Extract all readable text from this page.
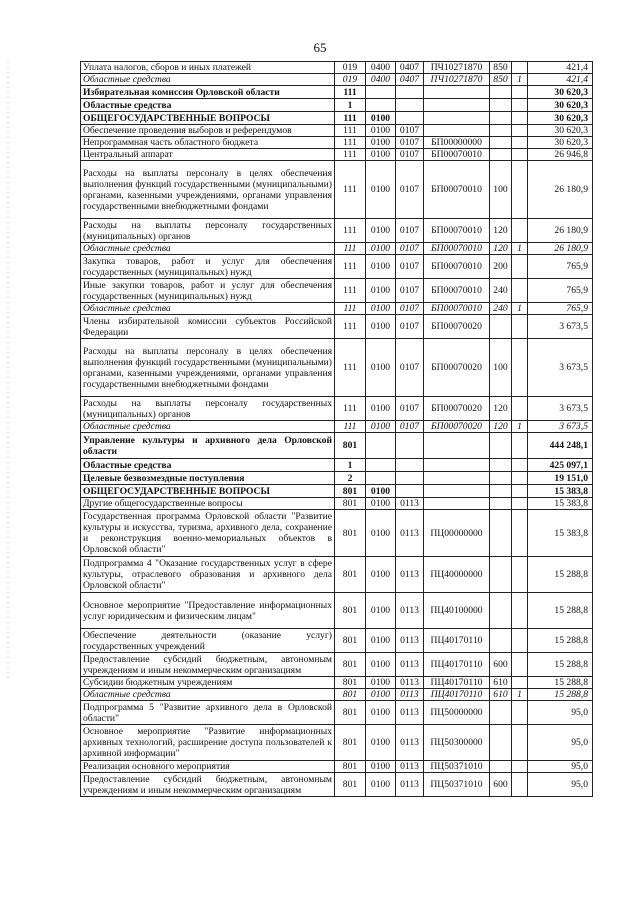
65
Уплата налогов, сборов и иных платежей	019	0400	0407	ПЧ10271870	850		421,4
Областные средства	019	0400	0407	ПЧ10271870	850	1	421,4
Избирательная комиссия Орловской области	111						30 620,3
Областные средства	1						30 620,3
ОБЩЕГОСУДАРСТВЕННЫЕ ВОПРОСЫ	111	0100					30 620,3
Обеспечение проведения выборов и референдумов	111	0100	0107				30 620,3
Непрограммная часть областного бюджета	111	0100	0107	БП00000000			30 620,3
Центральный аппарат	111	0100	0107	БП00070010			26 946,8
Расходы на выплаты персоналу в целях обеспечения выполнения функций государственными (муниципальными) органами, казенными учреждениями, органами управления государственными внебюджетными фондами	111	0100	0107	БП00070010	100		26 180,9
Расходы на выплаты персоналу государственных (муниципальных) органов	111	0100	0107	БП00070010	120		26 180,9
Областные средства	111	0100	0107	БП00070010	120	1	26 180,9
Закупка товаров, работ и услуг для обеспечения государственных (муниципальных) нужд	111	0100	0107	БП00070010	200		765,9
Иные закупки товаров, работ и услуг для обеспечения государственных (муниципальных) нужд	111	0100	0107	БП00070010	240		765,9
Областные средства	111	0100	0107	БП00070010	240	1	765,9
Члены избирательной комиссии субъектов Российской Федерации	111	0100	0107	БП00070020			3 673,5
Расходы на выплаты персоналу в целях обеспечения выполнения функций государственными (муниципальными) органами, казенными учреждениями, органами управления государственными внебюджетными фондами	111	0100	0107	БП00070020	100		3 673,5
Расходы на выплаты персоналу государственных (муниципальных) органов	111	0100	0107	БП00070020	120		3 673,5
Областные средства	111	0100	0107	БП00070020	120	1	3 673,5
Управление культуры и архивного дела Орловской области	801						444 248,1
Областные средства	1						425 097,1
Целевые безвозмездные поступления	2						19 151,0
ОБЩЕГОСУДАРСТВЕННЫЕ ВОПРОСЫ	801	0100					15 383,8
Другие общегосударственные вопросы	801	0100	0113				15 383,8
Государственная программа Орловской области "Развитие культуры и искусства, туризма, архивного дела, сохранение и реконструкция военно-мемориальных объектов в Орловской области"	801	0100	0113	ПЦ00000000			15 383,8
Подпрограмма 4 "Оказание государственных услуг в сфере культуры, отраслевого образования и архивного дела Орловской области"	801	0100	0113	ПЦ40000000			15 288,8
Основное мероприятие "Предоставление информационных услуг юридическим и физическим лицам"	801	0100	0113	ПЦ40100000			15 288,8
Обеспечение деятельности (оказание услуг) государственных учреждений	801	0100	0113	ПЦ40170110			15 288,8
Предоставление субсидий бюджетным, автономным учреждениям и иным некоммерческим организациям	801	0100	0113	ПЦ40170110	600		15 288,8
Субсидии бюджетным учреждениям	801	0100	0113	ПЦ40170110	610		15 288,8
Областные средства	801	0100	0113	ПЦ40170110	610	1	15 288,8
Подпрограмма 5 "Развитие архивного дела в Орловской области"	801	0100	0113	ПЦ50000000			95,0
Основное мероприятие "Развитие информационных архивных технологий, расширение доступа пользователей к архивной информации"	801	0100	0113	ПЦ50300000			95,0
Реализация основного мероприятия	801	0100	0113	ПЦ50371010			95,0
Предоставление субсидий бюджетным, автономным учреждениям и иным некоммерческим организациям	801	0100	0113	ПЦ50371010	600		95,0
